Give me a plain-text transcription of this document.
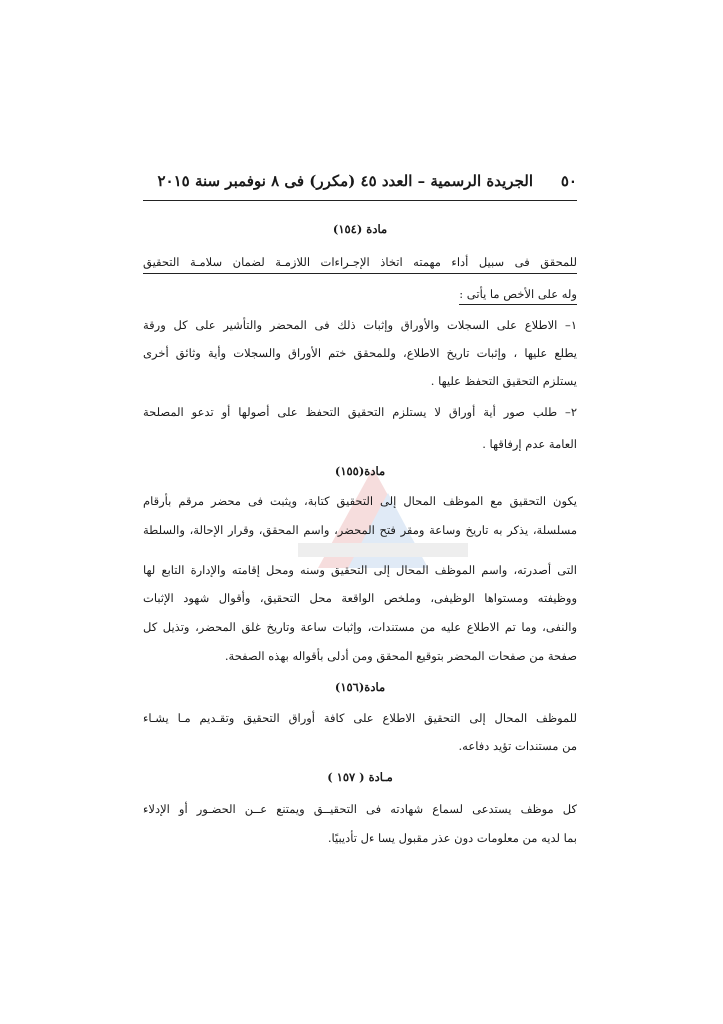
٥٠
الجريدة الرسمية – العدد ٤٥ (مكرر) فى ٨ نوفمبر سنة ٢٠١٥
مادة (١٥٤)
للمحقق فى سبيل أداء مهمته اتخاذ الإجـراءات اللازمـة لضمان سلامـة التحقيق
وله على الأخص ما يأتى :
١– الاطلاع على السجلات والأوراق وإثبات ذلك فى المحضر والتأشير على كل ورقة
يطلع عليها ، وإثبات تاريخ الاطلاع، وللمحقق ختم الأوراق والسجلات وأية وثائق أخرى
يستلزم التحقيق التحفظ عليها .
٢– طلب صور أية أوراق لا يستلزم التحقيق التحفظ على أصولها أو تدعو المصلحة
العامة عدم إرفاقها .
مادة(١٥٥)
يكون التحقيق مع الموظف المحال إلى التحقيق كتابة، ويثبت فى محضر مرقم بأرقام
مسلسلة، يذكر به تاريخ وساعة ومقر فتح المحضر، واسم المحقق، وقرار الإحالة، والسلطة
التى أصدرته، واسم الموظف المحال إلى التحقيق وسنه ومحل إقامته والإدارة التابع لها
ووظيفته ومستواها الوظيفى، وملخص الواقعة محل التحقيق، وأقوال شهود الإثبات
والنفى، وما تم الاطلاع عليه من مستندات، وإثبات ساعة وتاريخ غلق المحضر، وتذيل كل
صفحة من صفحات المحضر بتوقيع المحقق ومن أدلى بأقواله بهذه الصفحة.
مادة(١٥٦)
للموظف المحال إلى التحقيق الاطلاع على كافة أوراق التحقيق وتقـديم مـا يشـاء
من مستندات تؤيد دفاعه.
مـادة ( ١٥٧ )
كل موظف يستدعى لسماع شهادته فى التحقيــق ويمتنع عــن الحضـور أو الإدلاء
بما لديه من معلومات دون عذر مقبول يسا ءل تأديبيًا.
